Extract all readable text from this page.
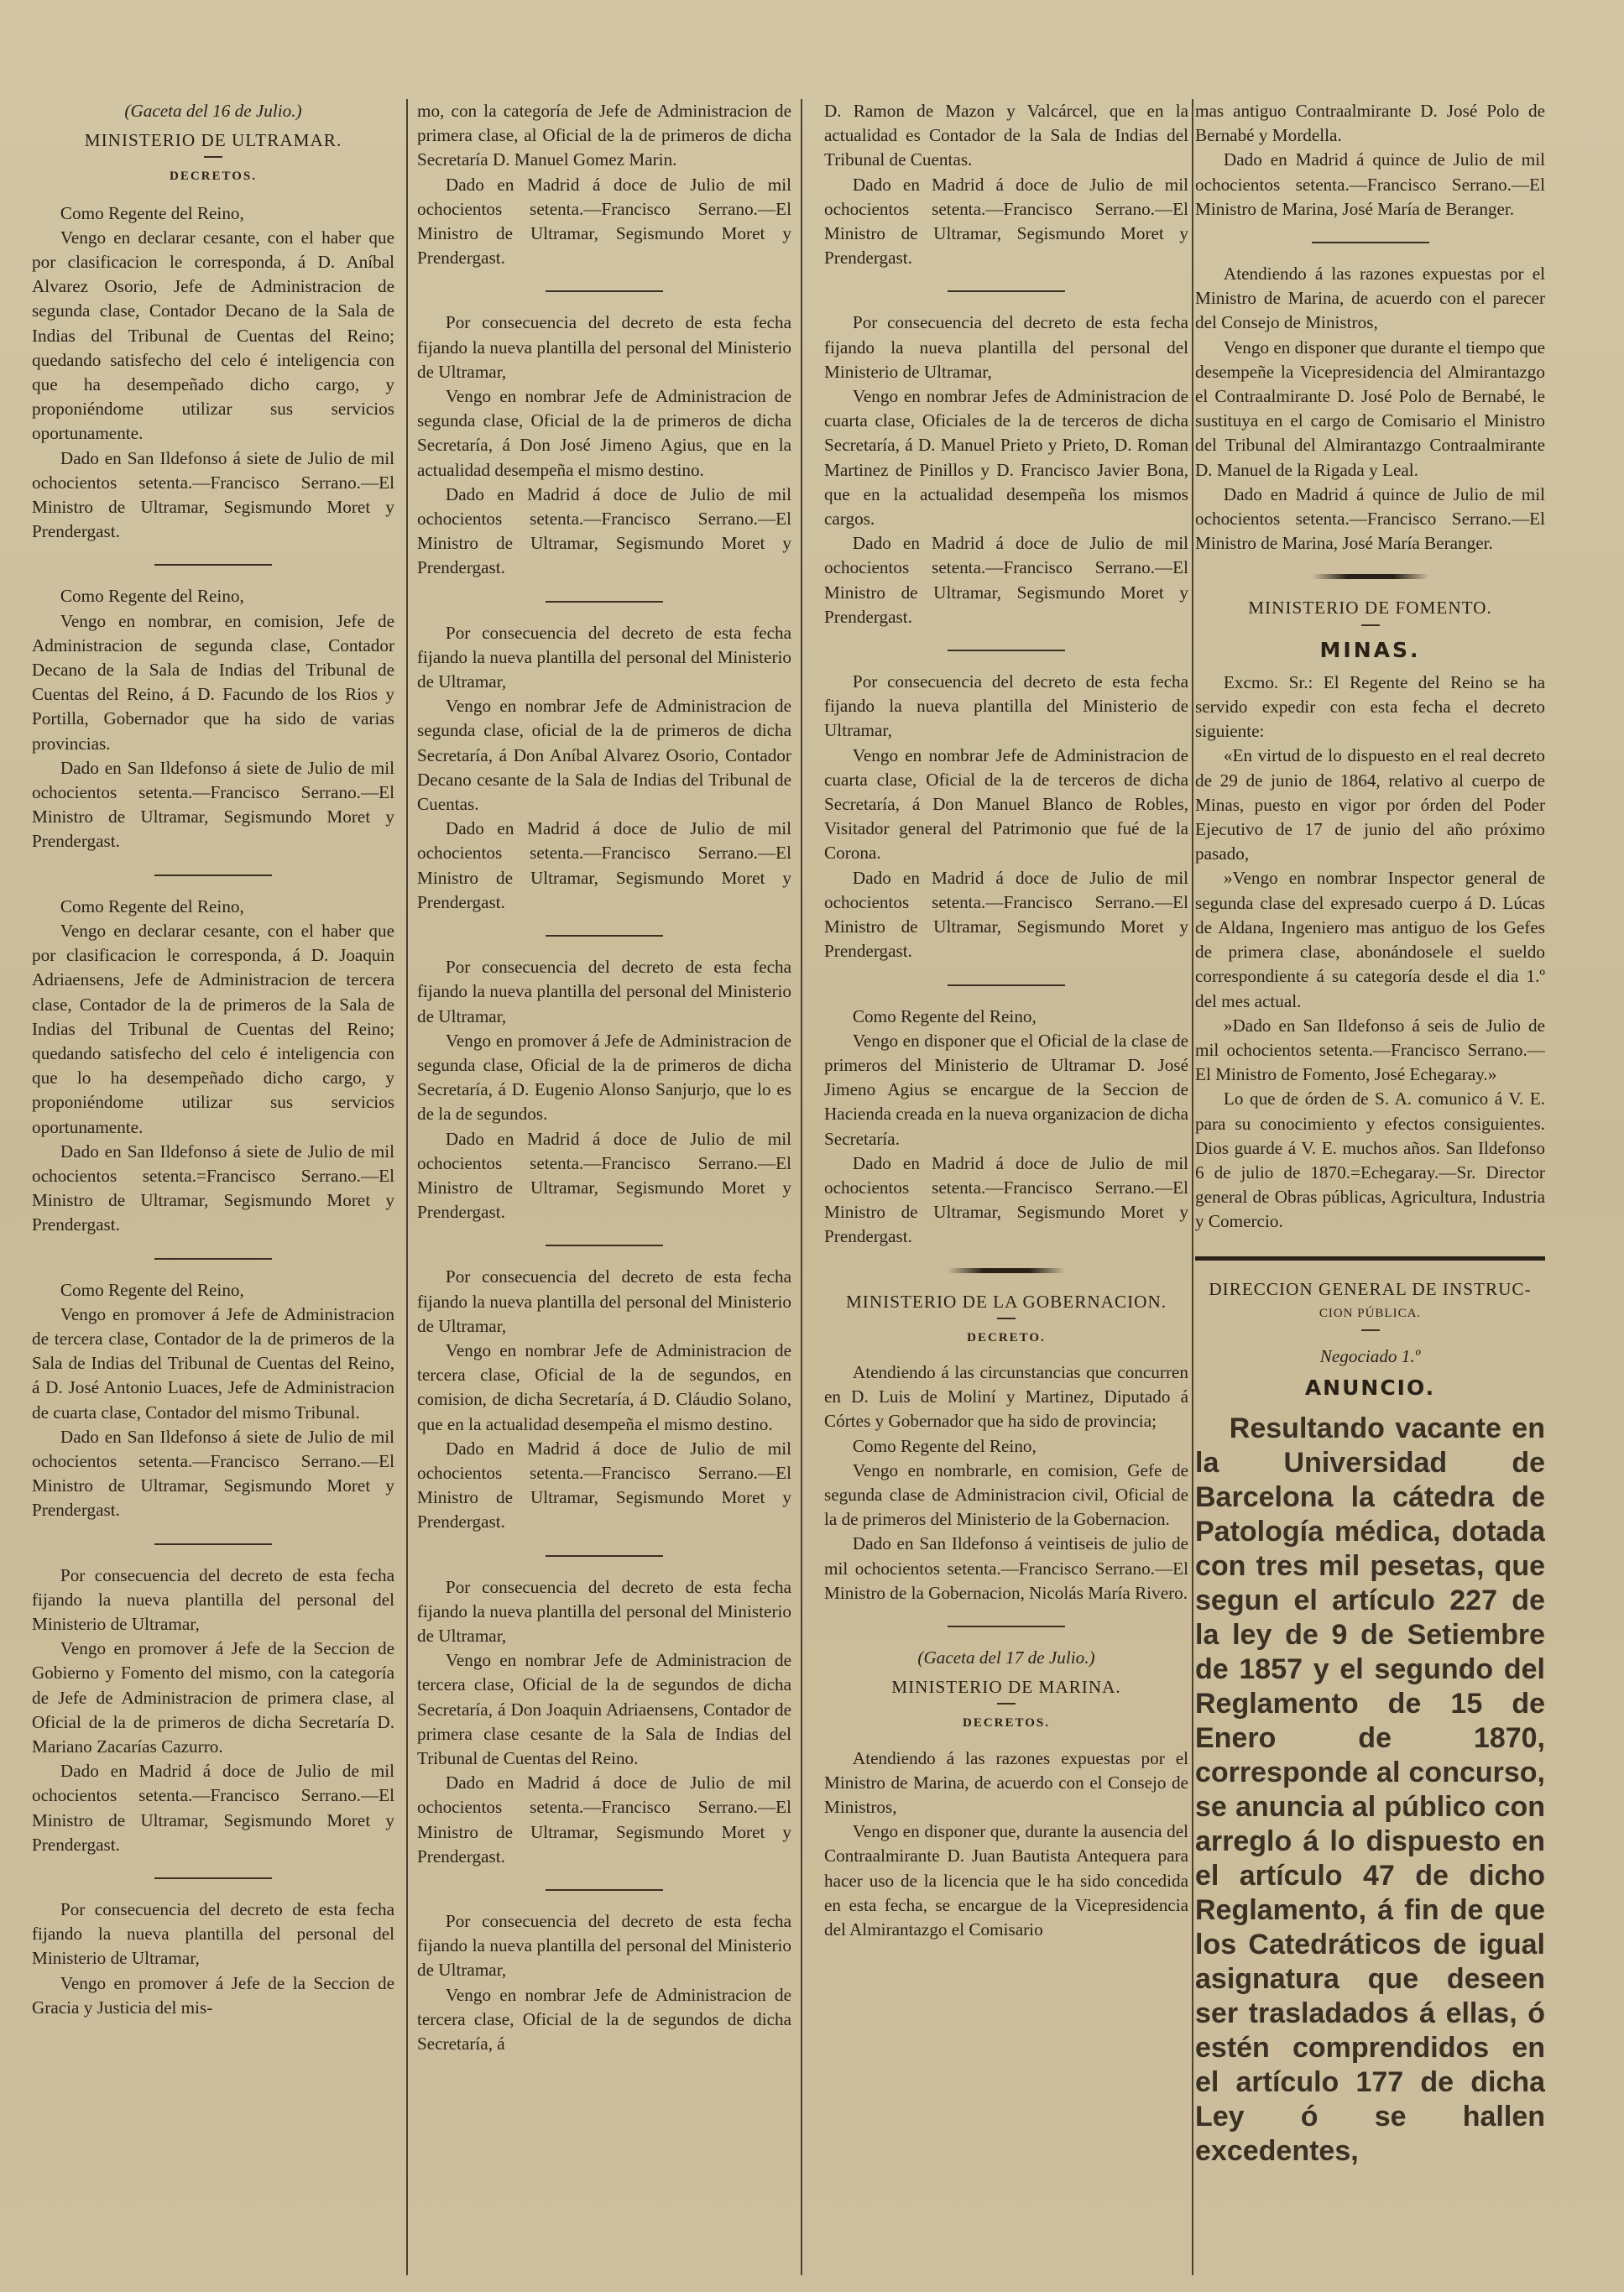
(Gaceta del 16 de Julio.)

MINISTERIO DE ULTRAMAR.

DECRETOS.

Como Regente del Reino,

Vengo en declarar cesante, con el haber que por clasificacion le corresponda, á D. Aníbal Alvarez Osorio, Jefe de Administracion de segunda clase, Contador Decano de la Sala de Indias del Tribunal de Cuentas del Reino; quedando satisfecho del celo é inteligencia con que ha desempeñado dicho cargo, y proponiéndome utilizar sus servicios oportunamente.

Dado en San Ildefonso á siete de Julio de mil ochocientos setenta.—Francisco Serrano.—El Ministro de Ultramar, Segismundo Moret y Prendergast.

Como Regente del Reino,

Vengo en nombrar, en comision, Jefe de Administracion de segunda clase, Contador Decano de la Sala de Indias del Tribunal de Cuentas del Reino, á D. Facundo de los Rios y Portilla, Gobernador que ha sido de varias provincias.

Dado en San Ildefonso á siete de Julio de mil ochocientos setenta.—Francisco Serrano.—El Ministro de Ultramar, Segismundo Moret y Prendergast.

Como Regente del Reino,

Vengo en declarar cesante, con el haber que por clasificacion le corresponda, á D. Joaquin Adriaensens, Jefe de Administracion de tercera clase, Contador de la de primeros de la Sala de Indias del Tribunal de Cuentas del Reino; quedando satisfecho del celo é inteligencia con que lo ha desempeñado dicho cargo, y proponiéndome utilizar sus servicios oportunamente.

Dado en San Ildefonso á siete de Julio de mil ochocientos setenta.=Francisco Serrano.—El Ministro de Ultramar, Segismundo Moret y Prendergast.

Como Regente del Reino,

Vengo en promover á Jefe de Administracion de tercera clase, Contador de la de primeros de la Sala de Indias del Tribunal de Cuentas del Reino, á D. José Antonio Luaces, Jefe de Administracion de cuarta clase, Contador del mismo Tribunal.

Dado en San Ildefonso á siete de Julio de mil ochocientos setenta.—Francisco Serrano.—El Ministro de Ultramar, Segismundo Moret y Prendergast.

Por consecuencia del decreto de esta fecha fijando la nueva plantilla del personal del Ministerio de Ultramar,

Vengo en promover á Jefe de la Seccion de Gobierno y Fomento del mismo, con la categoría de Jefe de Administracion de primera clase, al Oficial de la de primeros de dicha Secretaría D. Mariano Zacarías Cazurro.

Dado en Madrid á doce de Julio de mil ochocientos setenta.—Francisco Serrano.—El Ministro de Ultramar, Segismundo Moret y Prendergast.

Por consecuencia del decreto de esta fecha fijando la nueva plantilla del personal del Ministerio de Ultramar,

Vengo en promover á Jefe de la Seccion de Gracia y Justicia del mis-

mo, con la categoría de Jefe de Administracion de primera clase, al Oficial de la de primeros de dicha Secretaría D. Manuel Gomez Marin.

Dado en Madrid á doce de Julio de mil ochocientos setenta.—Francisco Serrano.—El Ministro de Ultramar, Segismundo Moret y Prendergast.

Por consecuencia del decreto de esta fecha fijando la nueva plantilla del personal del Ministerio de Ultramar,

Vengo en nombrar Jefe de Administracion de segunda clase, Oficial de la de primeros de dicha Secretaría, á Don José Jimeno Agius, que en la actualidad desempeña el mismo destino.

Dado en Madrid á doce de Julio de mil ochocientos setenta.—Francisco Serrano.—El Ministro de Ultramar, Segismundo Moret y Prendergast.

Por consecuencia del decreto de esta fecha fijando la nueva plantilla del personal del Ministerio de Ultramar,

Vengo en nombrar Jefe de Administracion de segunda clase, oficial de la de primeros de dicha Secretaría, á Don Aníbal Alvarez Osorio, Contador Decano cesante de la Sala de Indias del Tribunal de Cuentas.

Dado en Madrid á doce de Julio de mil ochocientos setenta.—Francisco Serrano.—El Ministro de Ultramar, Segismundo Moret y Prendergast.

Por consecuencia del decreto de esta fecha fijando la nueva plantilla del personal del Ministerio de Ultramar,

Vengo en promover á Jefe de Administracion de segunda clase, Oficial de la de primeros de dicha Secretaría, á D. Eugenio Alonso Sanjurjo, que lo es de la de segundos.

Dado en Madrid á doce de Julio de mil ochocientos setenta.—Francisco Serrano.—El Ministro de Ultramar, Segismundo Moret y Prendergast.

Por consecuencia del decreto de esta fecha fijando la nueva plantilla del personal del Ministerio de Ultramar,

Vengo en nombrar Jefe de Administracion de tercera clase, Oficial de la de segundos, en comision, de dicha Secretaría, á D. Cláudio Solano, que en la actualidad desempeña el mismo destino.

Dado en Madrid á doce de Julio de mil ochocientos setenta.—Francisco Serrano.—El Ministro de Ultramar, Segismundo Moret y Prendergast.

Por consecuencia del decreto de esta fecha fijando la nueva plantilla del personal del Ministerio de Ultramar,

Vengo en nombrar Jefe de Administracion de tercera clase, Oficial de la de segundos de dicha Secretaría, á Don Joaquin Adriaensens, Contador de primera clase cesante de la Sala de Indias del Tribunal de Cuentas del Reino.

Dado en Madrid á doce de Julio de mil ochocientos setenta.—Francisco Serrano.—El Ministro de Ultramar, Segismundo Moret y Prendergast.

Por consecuencia del decreto de esta fecha fijando la nueva plantilla del personal del Ministerio de Ultramar,

Vengo en nombrar Jefe de Administracion de tercera clase, Oficial de la de segundos de dicha Secretaría, á

D. Ramon de Mazon y Valcárcel, que en la actualidad es Contador de la Sala de Indias del Tribunal de Cuentas.

Dado en Madrid á doce de Julio de mil ochocientos setenta.—Francisco Serrano.—El Ministro de Ultramar, Segismundo Moret y Prendergast.

Por consecuencia del decreto de esta fecha fijando la nueva plantilla del personal del Ministerio de Ultramar,

Vengo en nombrar Jefes de Administracion de cuarta clase, Oficiales de la de terceros de dicha Secretaría, á D. Manuel Prieto y Prieto, D. Roman Martinez de Pinillos y D. Francisco Javier Bona, que en la actualidad desempeña los mismos cargos.

Dado en Madrid á doce de Julio de mil ochocientos setenta.—Francisco Serrano.—El Ministro de Ultramar, Segismundo Moret y Prendergast.

Por consecuencia del decreto de esta fecha fijando la nueva plantilla del Ministerio de Ultramar,

Vengo en nombrar Jefe de Administracion de cuarta clase, Oficial de la de terceros de dicha Secretaría, á Don Manuel Blanco de Robles, Visitador general del Patrimonio que fué de la Corona.

Dado en Madrid á doce de Julio de mil ochocientos setenta.—Francisco Serrano.—El Ministro de Ultramar, Segismundo Moret y Prendergast.

Como Regente del Reino,

Vengo en disponer que el Oficial de la clase de primeros del Ministerio de Ultramar D. José Jimeno Agius se encargue de la Seccion de Hacienda creada en la nueva organizacion de dicha Secretaría.

Dado en Madrid á doce de Julio de mil ochocientos setenta.—Francisco Serrano.—El Ministro de Ultramar, Segismundo Moret y Prendergast.

MINISTERIO DE LA GOBERNACION.

DECRETO.

Atendiendo á las circunstancias que concurren en D. Luis de Moliní y Martinez, Diputado á Córtes y Gobernador que ha sido de provincia;

Como Regente del Reino,

Vengo en nombrarle, en comision, Gefe de segunda clase de Administracion civil, Oficial de la de primeros del Ministerio de la Gobernacion.

Dado en San Ildefonso á veintiseis de julio de mil ochocientos setenta.—Francisco Serrano.—El Ministro de la Gobernacion, Nicolás María Rivero.

(Gaceta del 17 de Julio.)

MINISTERIO DE MARINA.

DECRETOS.

Atendiendo á las razones expuestas por el Ministro de Marina, de acuerdo con el Consejo de Ministros,

Vengo en disponer que, durante la ausencia del Contraalmirante D. Juan Bautista Antequera para hacer uso de la licencia que le ha sido concedida en esta fecha, se encargue de la Vicepresidencia del Almirantazgo el Comisario

mas antiguo Contraalmirante D. José Polo de Bernabé y Mordella.

Dado en Madrid á quince de Julio de mil ochocientos setenta.—Francisco Serrano.—El Ministro de Marina, José María de Beranger.

Atendiendo á las razones expuestas por el Ministro de Marina, de acuerdo con el parecer del Consejo de Ministros,

Vengo en disponer que durante el tiempo que desempeñe la Vicepresidencia del Almirantazgo el Contraalmirante D. José Polo de Bernabé, le sustituya en el cargo de Comisario el Ministro del Tribunal del Almirantazgo Contraalmirante D. Manuel de la Rigada y Leal.

Dado en Madrid á quince de Julio de mil ochocientos setenta.—Francisco Serrano.—El Ministro de Marina, José María Beranger.

MINISTERIO DE FOMENTO.

MINAS.

Excmo. Sr.: El Regente del Reino se ha servido expedir con esta fecha el decreto siguiente:

«En virtud de lo dispuesto en el real decreto de 29 de junio de 1864, relativo al cuerpo de Minas, puesto en vigor por órden del Poder Ejecutivo de 17 de junio del año próximo pasado,

»Vengo en nombrar Inspector general de segunda clase del expresado cuerpo á D. Lúcas de Aldana, Ingeniero mas antiguo de los Gefes de primera clase, abonándosele el sueldo correspondiente á su categoría desde el dia 1.º del mes actual.

»Dado en San Ildefonso á seis de Julio de mil ochocientos setenta.—Francisco Serrano.—El Ministro de Fomento, José Echegaray.»

Lo que de órden de S. A. comunico á V. E. para su conocimiento y efectos consiguientes. Dios guarde á V. E. muchos años. San Ildefonso 6 de julio de 1870.=Echegaray.—Sr. Director general de Obras públicas, Agricultura, Industria y Comercio.

DIRECCION GENERAL DE INSTRUC-

CION PÚBLICA.

Negociado 1.º

ANUNCIO.

Resultando vacante en la Universidad de Barcelona la cátedra de Patología médica, dotada con tres mil pesetas, que segun el artículo 227 de la ley de 9 de Setiembre de 1857 y el segundo del Reglamento de 15 de Enero de 1870, corresponde al concurso, se anuncia al público con arreglo á lo dispuesto en el artículo 47 de dicho Reglamento, á fin de que los Catedráticos de igual asignatura que deseen ser trasladados á ellas, ó estén comprendidos en el artículo 177 de dicha Ley ó se hallen excedentes,
